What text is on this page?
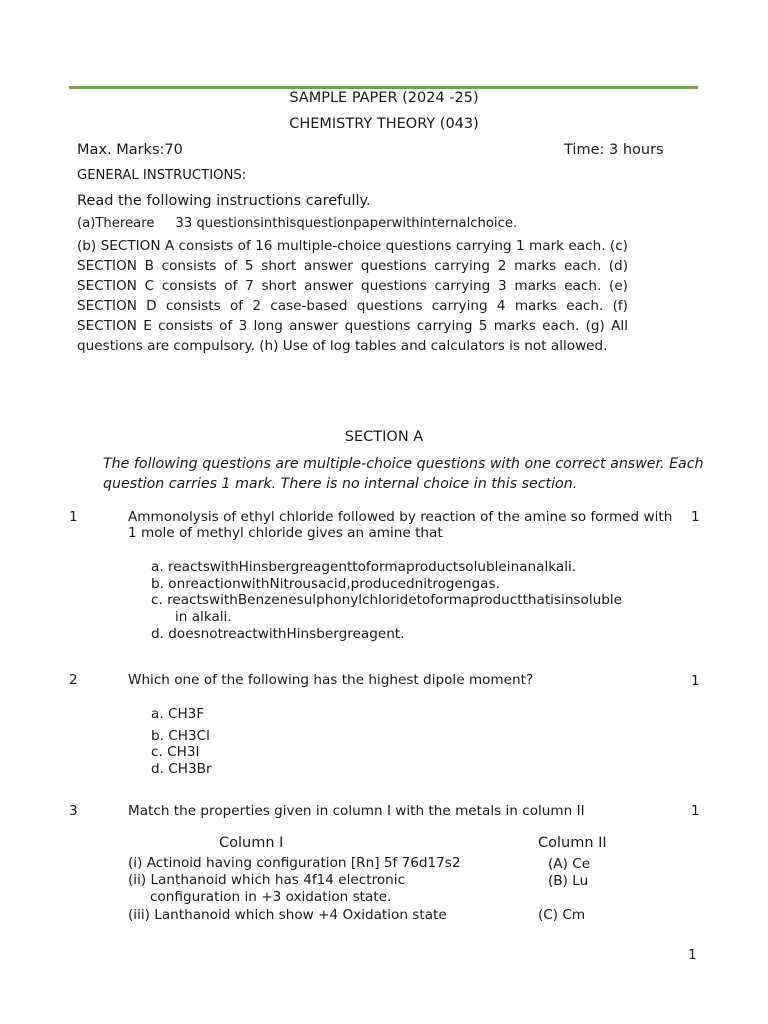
SAMPLE PAPER (2024 -25)
CHEMISTRY THEORY (043)
Max. Marks:70	Time: 3 hours
GENERAL INSTRUCTIONS:
Read the following instructions carefully.
(a)Thereare     33 questionsinthisquestionpaperwithinternalchoice.
(b) SECTION A consists of 16 multiple-choice questions carrying 1 mark each. (c) SECTION B consists of 5 short answer questions carrying 2 marks each. (d) SECTION C consists of 7 short answer questions carrying 3 marks each. (e) SECTION D consists of 2 case-based questions carrying 4 marks each. (f) SECTION E consists of 3 long answer questions carrying 5 marks each. (g) All questions are compulsory. (h) Use of log tables and calculators is not allowed.
SECTION A
The following questions are multiple-choice questions with one correct answer. Each question carries 1 mark. There is no internal choice in this section.
1	Ammonolysis of ethyl chloride followed by reaction of the amine so formed with 1 mole of methyl chloride gives an amine that
1
a. reactswithHinsbergreagenttoformaproductsolubleinanalkali.
b. onreactionwithNitrousacid,producednitrogengas.
c. reactswithBenzenesulphonylchloridetoformaproductthatisinsoluble
in alkali.
d. doesnotreactwithHinsbergreagent.
2	Which one of the following has the highest dipole moment?	1
a. CH3F
b. CH3Cl
c. CH3I
d. CH3Br
3	Match the properties given in column I with the metals in column II	1
Column I	Column II
(i) Actinoid having configuration [Rn] 5f 76d17s2	(A) Ce
(ii) Lanthanoid which has 4f14 electronic	(B) Lu
configuration in +3 oxidation state.
(iii) Lanthanoid which show +4 Oxidation state	(C) Cm
1
